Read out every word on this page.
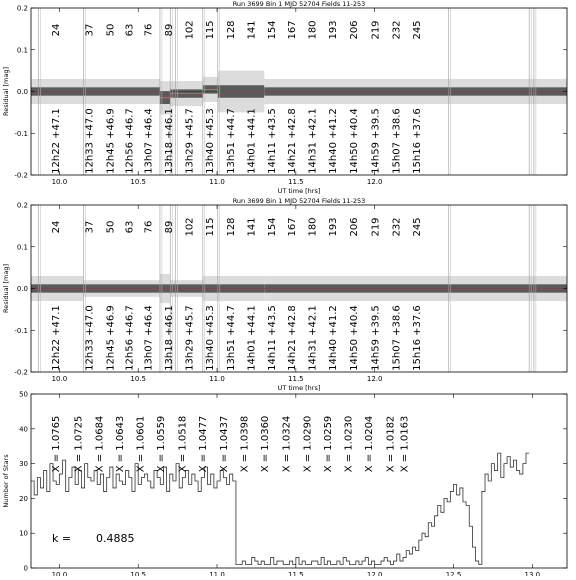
24
12h22 +47.1
37
12h33 +47.0
50
12h45 +46.9
63
12h56 +46.7
76
13h07 +46.4
89
13h18 +46.1
102
13h29 +45.7
115
13h40 +45.3
128
13h51 +44.7
141
14h01 +44.1
154
14h11 +43.5
167
14h21 +42.8
180
14h31 +42.1
193
14h40 +41.2
206
14h50 +40.4
219
14h59 +39.5
232
15h07 +38.6
245
15h16 +37.6
10.0	10.5	11.0	11.5	12.0
-0.2
-0.1
0.0
0.1
0.2
Run 3699 Bin 1 MJD 52704 Fields 11-253
UT time [hrs]
Residual [mag]
24
12h22 +47.1
37
12h33 +47.0
50
12h45 +46.9
63
12h56 +46.7
76
13h07 +46.4
89
13h18 +46.1
102
13h29 +45.7
115
13h40 +45.3
128
13h51 +44.7
141
14h01 +44.1
154
14h11 +43.5
167
14h21 +42.8
180
14h31 +42.1
193
14h40 +41.2
206
14h50 +40.4
219
14h59 +39.5
232
15h07 +38.6
245
15h16 +37.6
10.0	10.5	11.0	11.5	12.0
-0.2
-0.1
0.0
0.1
0.2
Run 3699 Bin 1 MJD 52704 Fields 11-253
UT time [hrs]
Residual [mag]
X = 1.0765 X = 1.0725 X = 1.0684 X = 1.0643 X = 1.0601 X = 1.0559 X = 1.0518 X = 1.0477 X = 1.0437 X = 1.0398 X = 1.0360 X = 1.0324 X = 1.0290 X = 1.0259 X = 1.0230 X = 1.0204 X = 1.0182 X = 1.0163
k = 0.4885
10.0	10.5	11.0	11.5	12.0	12.5	13.0
0
10
20
30
40
50
Number of Stars
